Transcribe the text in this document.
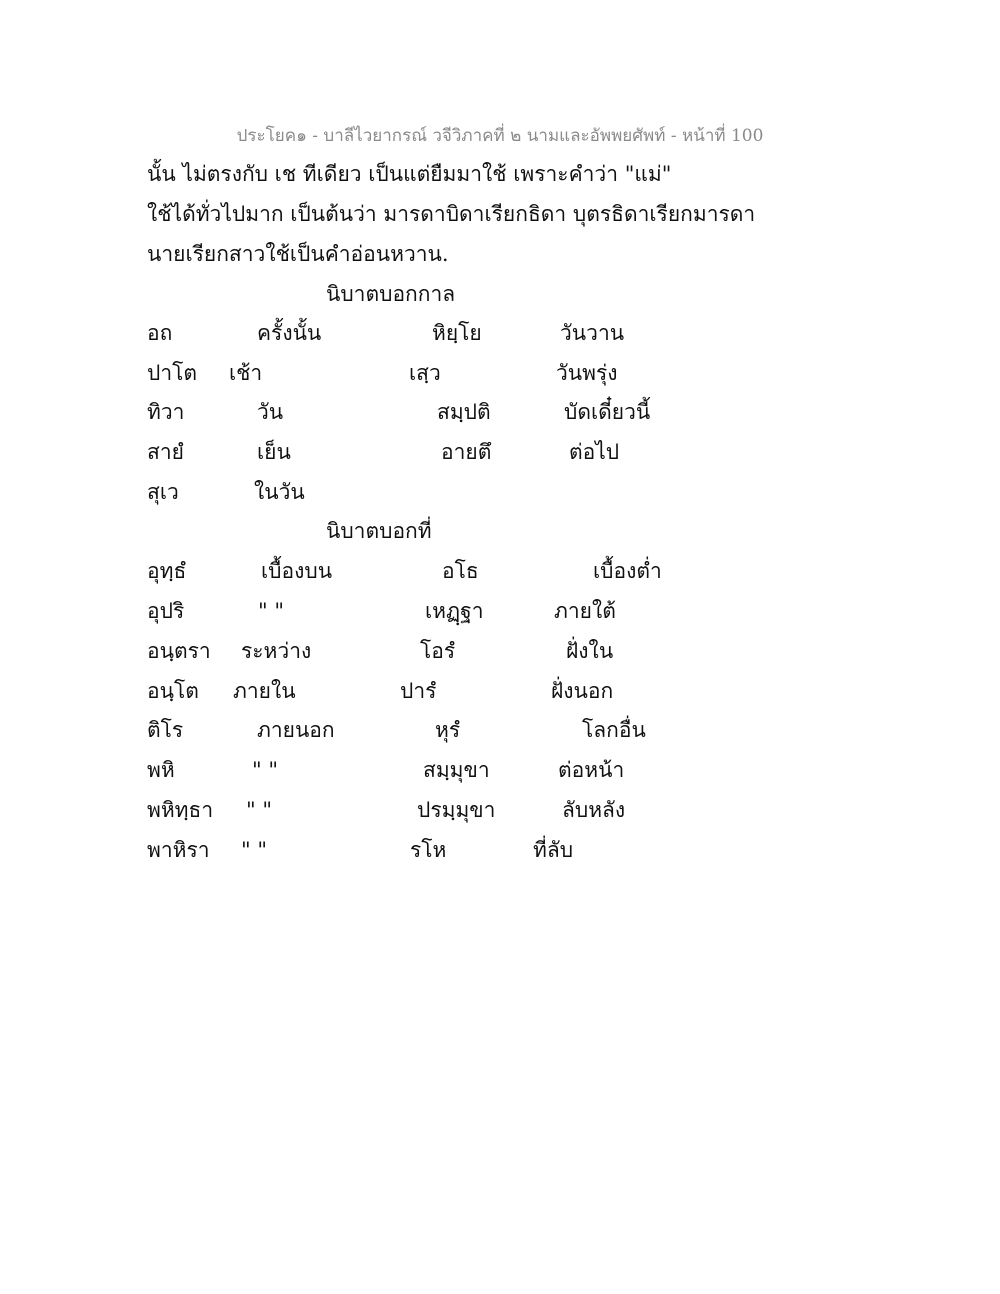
ประโยค๑ - บาลีไวยากรณ์ วจีวิภาคที่ ๒ นามและอัพพยศัพท์ - หน้าที่ 100
นั้น ไม่ตรงกับ เช ทีเดียว เป็นแต่ยืมมาใช้ เพราะคำว่า "แม่"
ใช้ได้ทั่วไปมาก เป็นต้นว่า มารดาบิดาเรียกธิดา บุตรธิดาเรียกมารดา
นายเรียกสาวใช้เป็นคำอ่อนหวาน.
นิบาตบอกกาล
อถ	ครั้งนั้น	หิยฺโย	วันวาน
ปาโต เช้า	เสฺว	วันพรุ่ง
ทิวา	วัน	สมฺปติ	บัดเดี๋ยวนี้
สายํ	เย็น	อายตึ	ต่อไป
สุเว	ในวัน
นิบาตบอกที่
อุทฺธํ	เบื้องบน	อโธ	เบื้องต่ำ
อุปริ	" "	เหฏฺฐา	ภายใต้
อนฺตรา ระหว่าง	โอรํ	ฝั่งใน
อนฺโต ภายใน	ปารํ	ฝั่งนอก
ติโร	ภายนอก	หุรํ	โลกอื่น
พหิ	" "	สมฺมุขา	ต่อหน้า
พหิทฺธา " "	ปรมฺมุขา	ลับหลัง
พาหิรา " "	รโห	ที่ลับ
